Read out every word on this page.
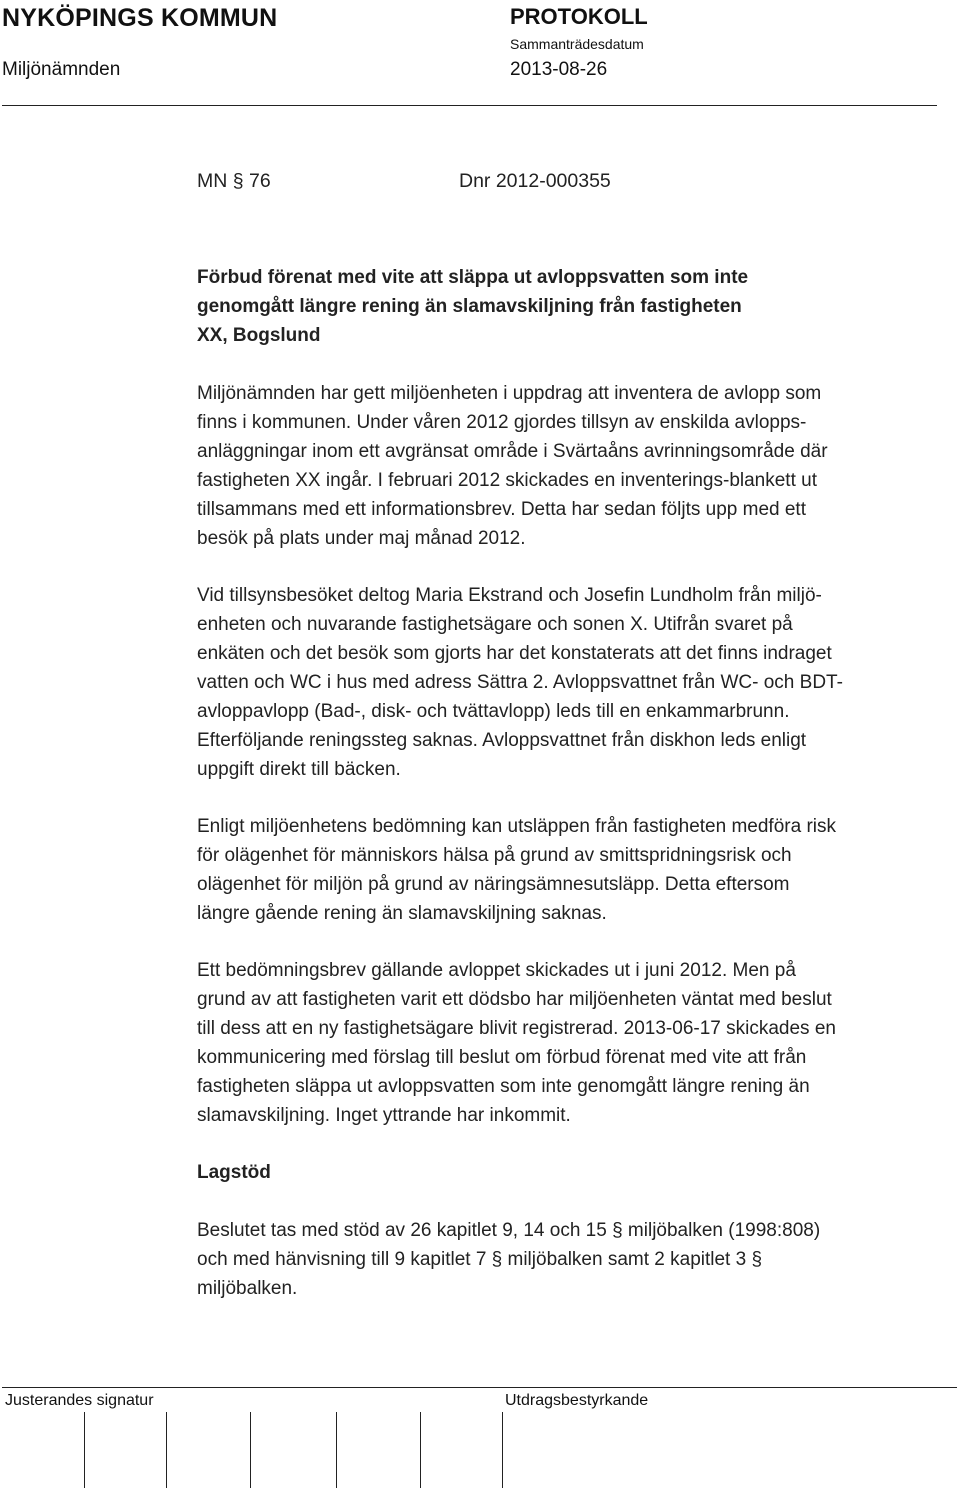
NYKÖPINGS KOMMUN
Miljönämnden
PROTOKOLL
Sammanträdesdatum
2013-08-26
MN § 76	Dnr 2012-000355
Förbud förenat med vite att släppa ut avloppsvatten som inte
genomgått längre rening än slamavskiljning från fastigheten
XX, Bogslund
Miljönämnden har gett miljöenheten i uppdrag att inventera de avlopp som
finns i kommunen. Under våren 2012 gjordes tillsyn av enskilda avlopps-
anläggningar inom ett avgränsat område i Svärtaåns avrinningsområde där
fastigheten XX ingår. I februari 2012 skickades en inventerings-blankett ut
tillsammans med ett informationsbrev. Detta har sedan följts upp med ett
besök på plats under maj månad 2012.
Vid tillsynsbesöket deltog Maria Ekstrand och Josefin Lundholm från miljö-
enheten och nuvarande fastighetsägare och sonen X. Utifrån svaret på
enkäten och det besök som gjorts har det konstaterats att det finns indraget
vatten och WC i hus med adress Sättra 2. Avloppsvattnet från WC- och BDT-
avloppavlopp (Bad-, disk- och tvättavlopp) leds till en enkammarbrunn.
Efterföljande reningssteg saknas. Avloppsvattnet från diskhon leds enligt
uppgift direkt till bäcken.
Enligt miljöenhetens bedömning kan utsläppen från fastigheten medföra risk
för olägenhet för människors hälsa på grund av smittspridningsrisk och
olägenhet för miljön på grund av näringsämnesutsläpp. Detta eftersom
längre gående rening än slamavskiljning saknas.
Ett bedömningsbrev gällande avloppet skickades ut i juni 2012. Men på
grund av att fastigheten varit ett dödsbo har miljöenheten väntat med beslut
till dess att en ny fastighetsägare blivit registrerad. 2013-06-17 skickades en
kommunicering med förslag till beslut om förbud förenat med vite att från
fastigheten släppa ut avloppsvatten som inte genomgått längre rening än
slamavskiljning. Inget yttrande har inkommit.
Lagstöd
Beslutet tas med stöd av 26 kapitlet 9, 14 och 15 § miljöbalken (1998:808)
och med hänvisning till 9 kapitlet 7 § miljöbalken samt 2 kapitlet 3 §
miljöbalken.
Justerandes signatur	Utdragsbestyrkande
